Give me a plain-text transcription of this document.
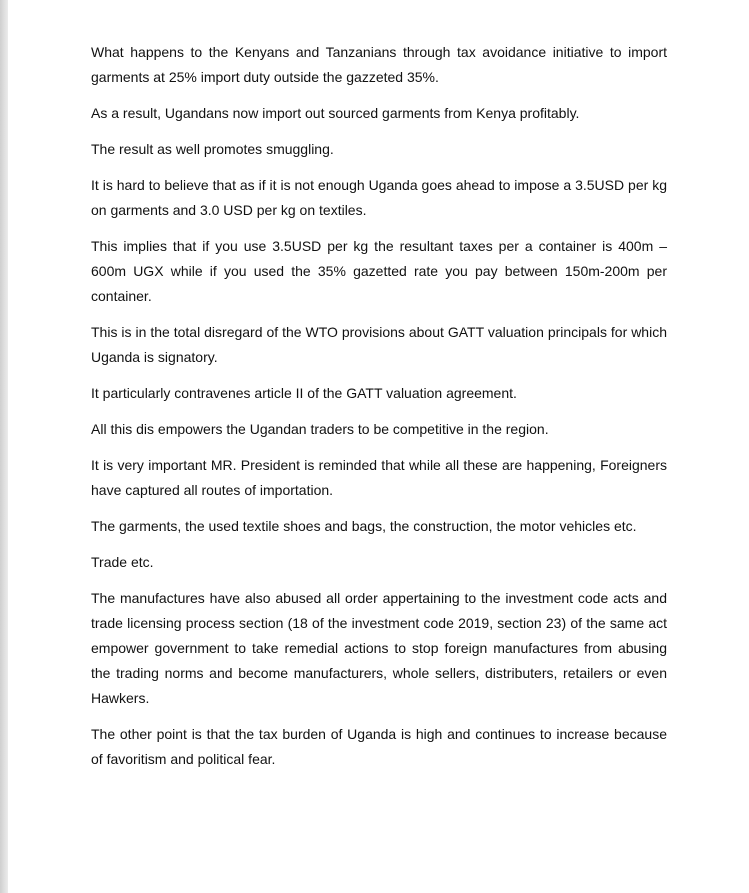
What happens to the Kenyans and Tanzanians through tax avoidance initiative to import garments at 25% import duty outside the gazzeted 35%.

As a result, Ugandans now import out sourced garments from Kenya profitably.

The result as well promotes smuggling.

It is hard to believe that as if it is not enough Uganda goes ahead to impose a 3.5USD per kg on garments and 3.0 USD per kg on textiles.

This implies that if you use 3.5USD per kg the resultant taxes per a container is 400m – 600m UGX while if you used the 35% gazetted rate you pay between 150m-200m per container.

This is in the total disregard of the WTO provisions about GATT valuation principals for which Uganda is signatory.

It particularly contravenes article II of the GATT valuation agreement.

All this dis empowers the Ugandan traders to be competitive in the region.

It is very important MR. President is reminded that while all these are happening, Foreigners have captured all routes of importation.

The garments, the used textile shoes and bags, the construction, the motor vehicles etc.

Trade etc.

The manufactures have also abused all order appertaining to the investment code acts and trade licensing process section (18 of the investment code 2019, section 23) of the same act empower government to take remedial actions to stop foreign manufactures from abusing the trading norms and become manufacturers, whole sellers, distributers, retailers or even Hawkers.

The other point is that the tax burden of Uganda is high and continues to increase because of favoritism and political fear.
